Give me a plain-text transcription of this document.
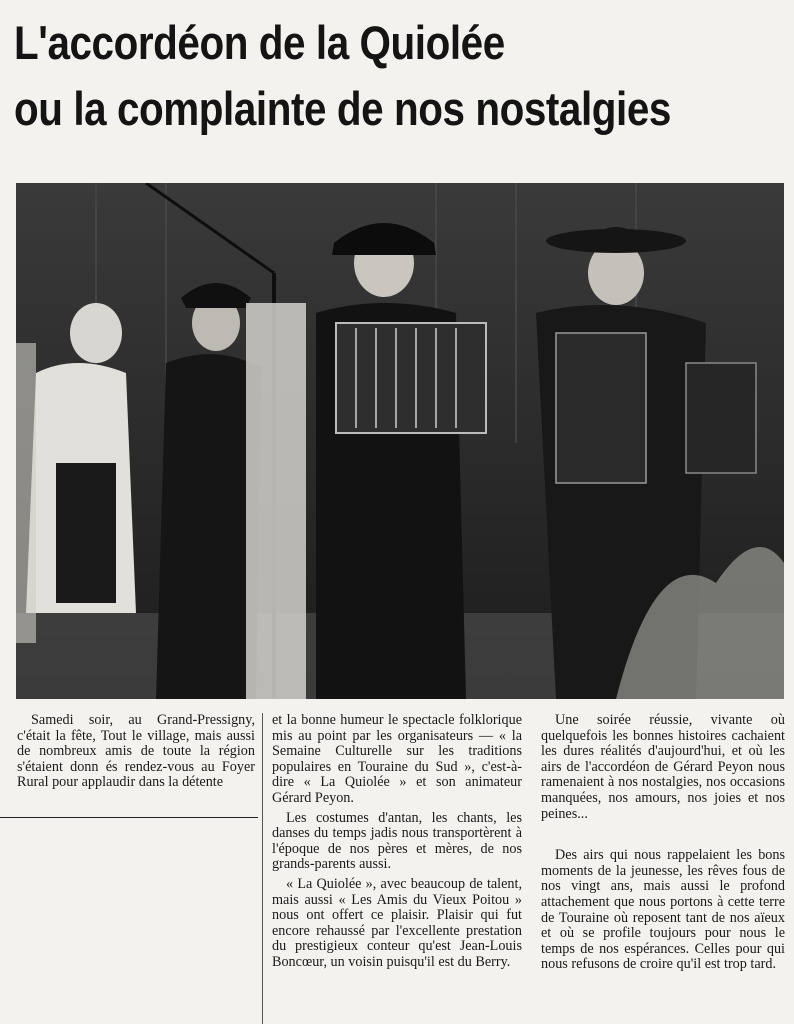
L'accordéon de la Quiolée
ou la complainte de nos nostalgies

Samedi soir, au Grand-Pressigny, c'était la fête, Tout le village, mais aussi de nombreux amis de toute la région s'étaient donn és rendez-vous au Foyer Rural pour applaudir dans la détente

et la bonne humeur le spectacle folklorique mis au point par les organisateurs — « la Semaine Culturelle sur les traditions populaires en Touraine du Sud », c'est-à-dire « La Quiolée » et son animateur Gérard Peyon.

Les costumes d'antan, les chants, les danses du temps jadis nous transportèrent à l'époque de nos pères et mères, de nos grands-parents aussi.

« La Quiolée », avec beaucoup de talent, mais aussi « Les Amis du Vieux Poitou » nous ont offert ce plaisir. Plaisir qui fut encore rehaussé par l'excellente prestation du prestigieux conteur qu'est Jean-Louis Boncœur, un voisin puisqu'il est du Berry.

Une soirée réussie, vivante où quelquefois les bonnes histoires cachaient les dures réalités d'aujourd'hui, et où les airs de l'accordéon de Gérard Peyon nous ramenaient à nos nostalgies, nos occasions manquées, nos amours, nos joies et nos peines...

Des airs qui nous rappelaient les bons moments de la jeunesse, les rêves fous de nos vingt ans, mais aussi le profond attachement que nous portons à cette terre de Touraine où reposent tant de nos aïeux et où se profile toujours pour nous le temps de nos espérances. Celles pour qui nous refusons de croire qu'il est trop tard.
